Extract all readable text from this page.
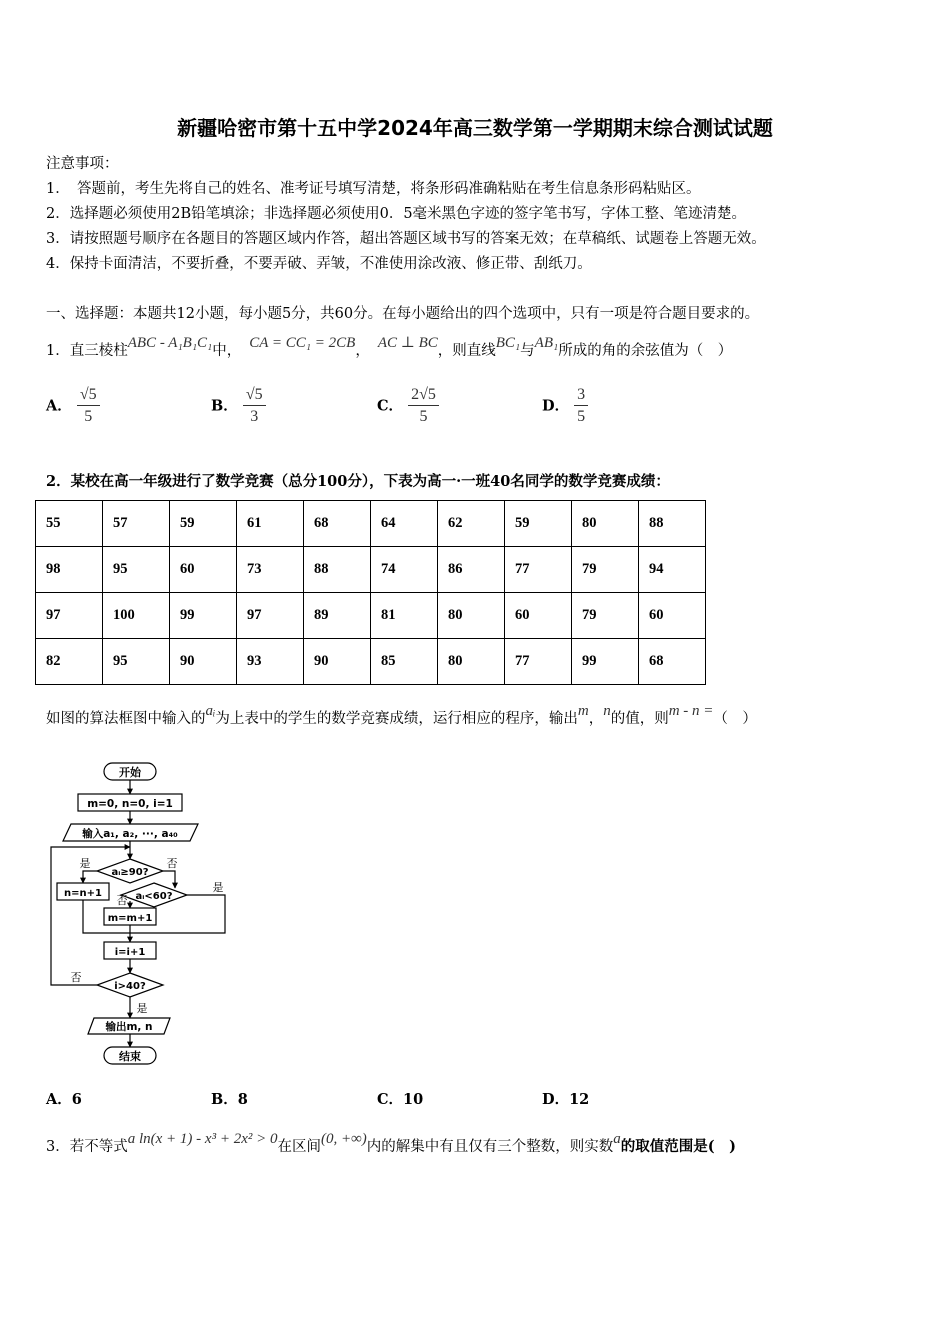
新疆哈密市第十五中学2024年高三数学第一学期期末综合测试试题
注意事项：
1．　答题前，考生先将自己的姓名、准考证号填写清楚，将条形码准确粘贴在考生信息条形码粘贴区。
2．选择题必须使用2B铅笔填涂；非选择题必须使用0．5毫米黑色字迹的签字笔书写，字体工整、笔迹清楚。
3．请按照题号顺序在各题目的答题区域内作答，超出答题区域书写的答案无效；在草稿纸、试题卷上答题无效。
4．保持卡面清洁，不要折叠，不要弄破、弄皱，不准使用涂改液、修正带、刮纸刀。
一、选择题：本题共12小题，每小题5分，共60分。在每小题给出的四个选项中，只有一项是符合题目要求的。
1．直三棱柱ABC - A₁B₁C₁中， CA = CC₁ = 2CB， AC ⊥ BC，则直线BC₁与AB₁所成的角的余弦值为（　）
A． $\frac{√5}{5}$	B． $\frac{√5}{3}$	C． $\frac{2√5}{5}$	D． $\frac{3}{5}$
2．某校在高一年级进行了数学竞赛（总分100分），下表为高一·一班40名同学的数学竞赛成绩：
55	57	59	61	68	64	62	59	80	88
98	95	60	73	88	74	86	77	79	94
97	100	99	97	89	81	80	60	79	60
82	95	90	93	90	85	80	77	99	68
如图的算法框图中输入的aᵢ为上表中的学生的数学竞赛成绩，运行相应的程序，输出m，n的值，则m - n =（　）
开始
m=0, n=0, i=1
输入a₁, a₂, ···, a₄₀
aᵢ≥90?
是	否
n=n+1	aᵢ<60?
是
否
m=m+1
i=i+1
i>40?
否
是
输出m, n
结束
A．6	B．8	C．10	D．12
3．若不等式a ln(x + 1) - x³ + 2x² > 0在区间(0, +∞)内的解集中有且仅有三个整数，则实数a的取值范围是(　)
